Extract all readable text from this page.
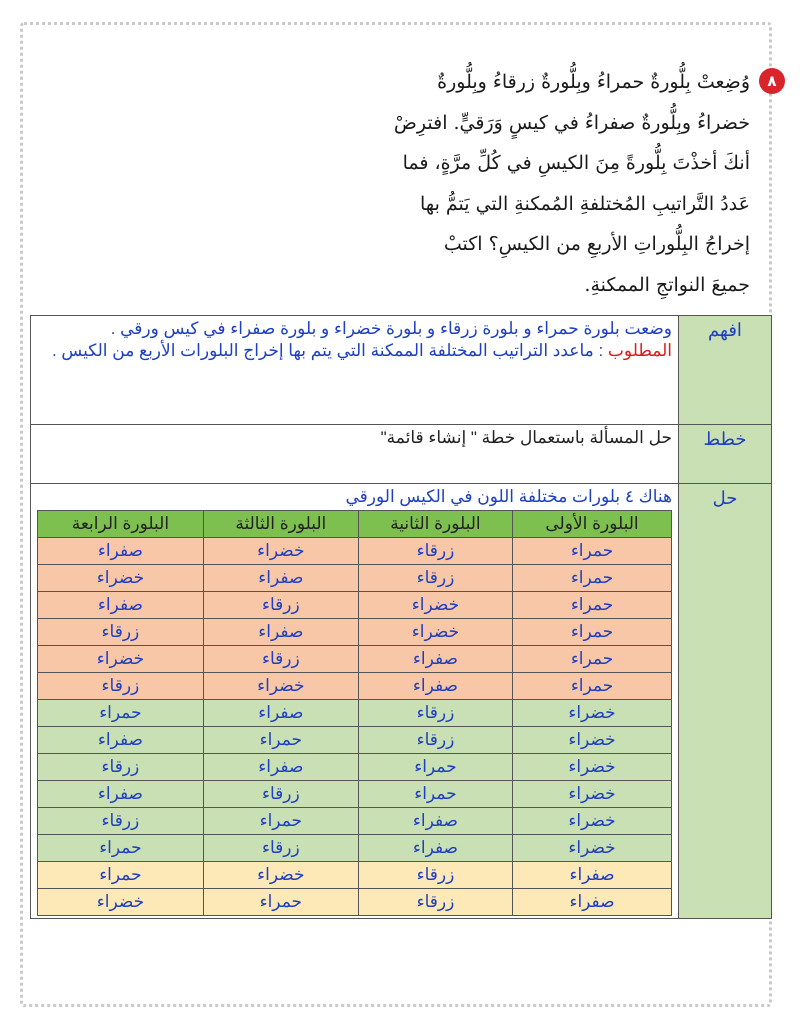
٨
وُضِعتْ بِلُّورةٌ حمراءُ وبِلُّورةٌ زرقاءُ وبِلُّورةٌ
خضراءُ وبِلُّورةٌ صفراءُ في كيسٍ وَرَقيٍّ. افترِضْ
أنكَ أخذْتَ بِلُّورةً مِنَ الكيسِ في كُلِّ مرَّةٍ، فما
عَددُ التَّراتيبِ المُختلفةِ المُمكنةِ التي يَتمُّ بها
إخراجُ البِلُّوراتِ الأربعِ من الكيسِ؟ اكتبْ
جميعَ النواتجِ الممكنةِ.
افهم	وضعت بلورة حمراء و بلورة زرقاء و بلورة خضراء و بلورة صفراء في كيس ورقي .
المطلوب : ماعدد التراتيب المختلفة الممكنة التي يتم بها إخراج البلورات الأربع من الكيس .
خطط	حل المسألة باستعمال خطة " إنشاء قائمة"
حل	
هناك ٤ بلورات مختلفة اللون في الكيس الورقي
البلورة الأولى	البلورة الثانية	البلورة الثالثة	البلورة الرابعة
حمراء	زرقاء	خضراء	صفراء
حمراء	زرقاء	صفراء	خضراء
حمراء	خضراء	زرقاء	صفراء
حمراء	خضراء	صفراء	زرقاء
حمراء	صفراء	زرقاء	خضراء
حمراء	صفراء	خضراء	زرقاء
خضراء	زرقاء	صفراء	حمراء
خضراء	زرقاء	حمراء	صفراء
خضراء	حمراء	صفراء	زرقاء
خضراء	حمراء	زرقاء	صفراء
خضراء	صفراء	حمراء	زرقاء
خضراء	صفراء	زرقاء	حمراء
صفراء	زرقاء	خضراء	حمراء
صفراء	زرقاء	حمراء	خضراء
